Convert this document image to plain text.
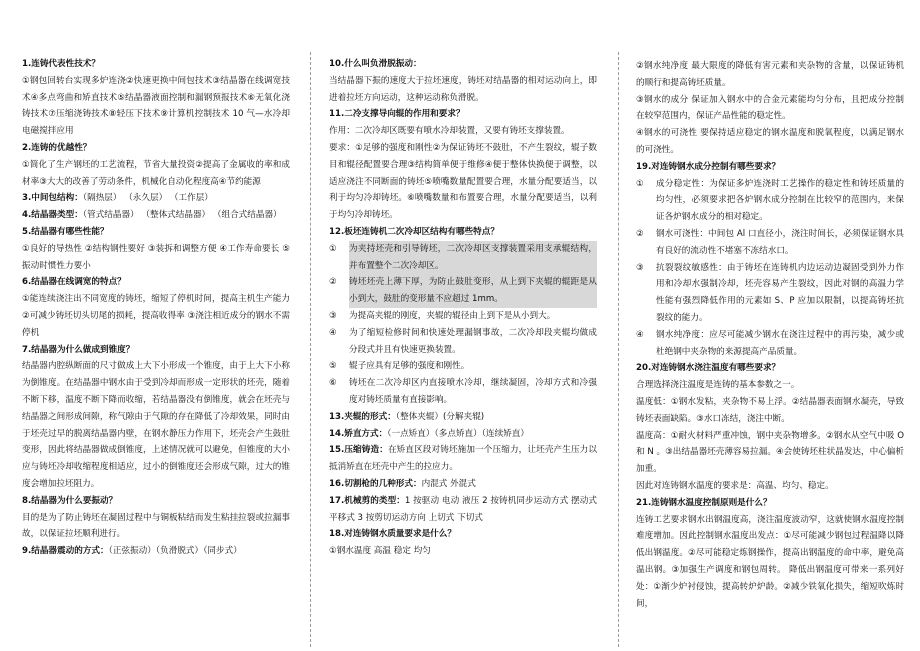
1.连铸代表性技术？

①钢包回转台实现多炉连浇②快速更换中间包技术③结晶器在线调宽技术④多点弯曲和矫直技术⑤结晶器液面控制和漏钢预报技术⑥无氧化浇铸技术⑦压缩浇铸技术⑧轻压下技术⑨计算机控制技术 10 气—水冷却电磁搅拌应用

2.连铸的优越性？

①简化了生产钢坯的工艺流程，节省大量投资②提高了金属收的率和成材率③大大的改善了劳动条件，机械化自动化程度高④节约能源

3.中间包结构：（隔热层） （永久层） （工作层）
4.结晶器类型：（管式结晶器） （整体式结晶器） （组合式结晶器）
5.结晶器有哪些性能？

①良好的导热性 ②结构钢性要好 ③装拆和调整方便 ④工作寿命要长 ⑤振动时惯性力要小

6.结晶器在线调宽的特点？

①能连续浇注出不同宽度的铸坯，缩短了停机时间，提高主机生产能力 ②可减少铸坯切头切尾的损耗，提高收得率 ③浇注相近成分的钢水不需停机

7.结晶器为什么做成到锥度？

结晶器内腔纵断面的尺寸做成上大下小形成一个锥度，由于上大下小称为倒锥度。在结晶器中钢水由于受到冷却而形成一定形状的坯壳，随着不断下移，温度不断下降而收缩，若结晶器没有倒锥度，就会在坯壳与结晶器之间形成间隙，称气隙由于气隙的存在降低了冷却效果，同时由于坯壳过早的脱离结晶器内壁，在钢水静压力作用下，坯壳会产生鼓肚变形，因此将结晶器做成倒锥度，上述情况就可以避免，但锥度的大小应与铸坯冷却收缩程度相适应，过小的倒锥度还会形成气隙，过大的锥度会增加拉坯阻力。

8.结晶器为什么要振动？

目的是为了防止铸坯在凝固过程中与铜板粘结而发生粘挂拉裂或拉漏事故，以保证拉坯顺利进行。

9.结晶器震动的方式：（正弦振动）（负滑脱式）（同步式）
10.什么叫负滑脱振动：

当结晶器下振的速度大于拉坯速度，铸坯对结晶器的相对运动向上，即进着拉坯方向运动，这种运动称负滑脱。

11.二冷支撑导向辊的作用和要求？

作用：二次冷却区既要有喷水冷却装置，又要有铸坯支撑装置。

要求：①足够的强度和刚性②为保证铸坯不鼓肚，不产生裂纹，辊子数目和辊径配置要合理③结构简单便于维修④便于整体快换便于调整，以适应浇注不同断面的铸坯⑤喷嘴数量配置要合理，水量分配要适当，以利于均匀冷却铸坯。⑥喷嘴数量和布置要合理，水量分配要适当，以利于均匀冷却铸坯。

12.板坯连铸机二次冷却区结构有哪些特点？
①	为夹持坯壳和引导铸坯，二次冷却区支撑装置采用支承辊结构，并布置整个二次冷却区。
②	铸坯坯壳上薄下厚，为防止鼓肚变形，从上到下夹辊的辊距是从小到大，鼓肚的变形量不应超过 1mm。
③	为提高夹辊的刚度，夹辊的辊径由上到下是从小到大。
④	为了缩短检修时间和快速处理漏钢事故，二次冷却段夹辊均做成分段式并且有快速更换装置。
⑤	辊子应具有足够的强度和刚性。
⑥	铸坯在二次冷却区内直接喷水冷却，继续凝固，冷却方式和冷强度对铸坯质量有直接影响。
13.夹辊的形式：（整体夹辊）(分解夹辊)
14.矫直方式：（一点矫直）（多点矫直）（连续矫直）

15.压缩铸造：在矫直区段对铸坯施加一个压缩力，让坯壳产生压力以抵消矫直在坯壳中产生的拉应力。

16.切割枪的几种形式：内混式 外混式

17.机械剪的类型：1 按驱动 电动 液压 2 按铸机同步运动方式 摆动式 平移式 3 按剪切运动方向 上切式 下切式

18.对连铸钢水质量要求是什么？

①钢水温度 高温 稳定 均匀

②钢水纯净度 最大限度的降低有害元素和夹杂物的含量，以保证铸机的顺行和提高铸坯质量。

③钢水的成分 保证加入钢水中的合金元素能均匀分布，且把成分控制在较窄范围内，保证产品性能的稳定性。

④钢水的可浇性 要保持适应稳定的钢水温度和脱氧程度，以满足钢水的可浇性。

19.对连铸钢水成分控制有哪些要求？
①	成分稳定性：为保证多炉连浇时工艺操作的稳定性和铸坯质量的均匀性，必须要求把各炉钢水成分控制在比较窄的范围内，来保证各炉钢水成分的相对稳定。
②	钢水可浇性：中间包 Al 口直径小，浇注时间长，必须保证钢水具有良好的流动性不堵塞不冻结水口。
③	抗裂裂纹敏感性：由于铸坯在连铸机内边运动边凝固受到外力作用和冷却水强制冷却，坯壳容易产生裂纹，因此对钢的高温力学性能有强烈降低作用的元素如 S、P 应加以限制，以提高铸坯抗裂纹的能力。
④	钢水纯净度：应尽可能减少钢水在浇注过程中的再污染，减少或杜绝钢中夹杂物的来源提高产品质量。
20.对连铸钢水浇注温度有哪些要求？

合理选择浇注温度是连铸的基本参数之一。

温度低：①钢水发粘，夹杂物不易上浮。②结晶器表面钢水凝壳，导致铸坯表面缺陷。③水口冻结，浇注中断。

温度高：①耐火材料严重冲蚀，钢中夹杂物增多。②钢水从空气中吸 O 和 N 。③出结晶器坯壳薄容易拉漏。④会使铸坯柱状晶发达，中心偏析加重。

因此对连铸钢水温度的要求是：高温、均匀、稳定。

21.连铸钢水温度控制原则是什么？

连铸工艺要求钢水出钢温度高，浇注温度波动窄，这就使钢水温度控制难度增加。因此控制钢水温度出发点：①尽可能减少钢包过程温降以降低出钢温度。②尽可能稳定炼钢操作，提高出钢温度的命中率，避免高温出钢。③加强生产调度和钢包周转。 降低出钢温度可带来一系列好处：①渐少炉衬侵蚀，提高转炉炉龄。②减少铁氧化损失，缩短吹炼时间，
